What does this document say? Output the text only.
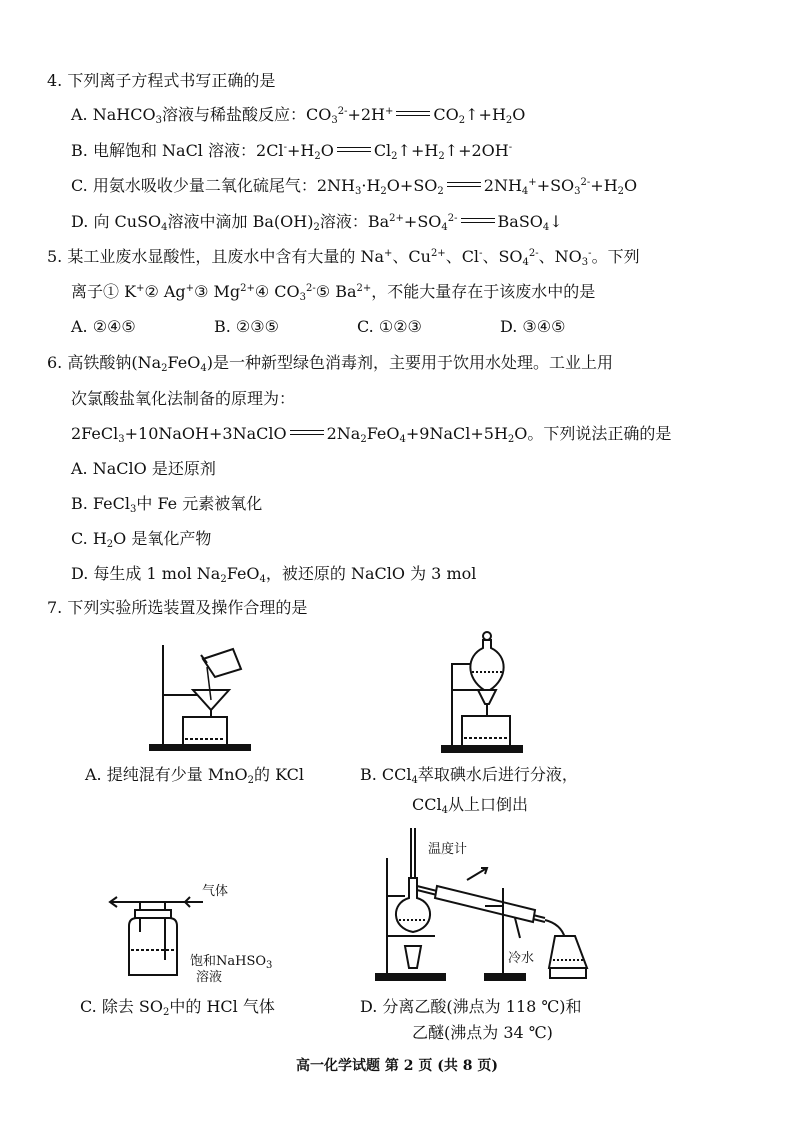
4. 下列离子方程式书写正确的是
A. NaHCO$_3$溶液与稀盐酸反应：$CO_3^{2-}+2H^+$	$CO_2↑+H_2O$
B. 电解饱和 NaCl 溶液：$2Cl^-+H_2O$	$Cl_2↑+H_2↑+2OH^-$
C. 用氨水吸收少量二氧化硫尾气：$2NH_3\cdot H_2O+SO_2$	$2NH_4^++SO_3^{2-}+H_2O$
D. 向 CuSO$_4$溶液中滴加 $Ba(OH)_2$溶液：$Ba^{2+}+SO_4^{2-}$	BaSO$_4$↓
5. 某工业废水显酸性，且废水中含有大量的 Na+、$Cu^{2+}$、Cl-、$SO_4^{2-}$、$NO_3^-$。下列
离子① K+② Ag+③ $Mg^{2+}④$ $CO_3^{2-}⑤$ $Ba^{2+}$，不能大量存在于该废水中的是
A. ②④⑤	B. ②③⑤	C. ①②③	D. ③④⑤
6. 高铁酸钠$(Na_2FeO_4)$是一种新型绿色消毒剂，主要用于饮用水处理。工业上用
次氯酸盐氧化法制备的原理为：
2FeCl$_3$+10NaOH+3NaClO	$2Na_2FeO_4+9NaCl+5H_2O$。下列说法正确的是
A. NaClO 是还原剂
B. FeCl$_3$中 Fe 元素被氧化
C. $H_2O$ 是氧化产物
D. 每生成 1 mol $Na_2FeO_4$，被还原的 NaClO 为 3 mol
7. 下列实验所选装置及操作合理的是
A. 提纯混有少量 MnO$_2$的 KCl	B. CCl$_4$萃取碘水后进行分液，
CCl$_4$从上口倒出
气体
饱和NaHSO$_3$
溶液
温度计
冷水
C. 除去 $SO_2$中的 HCl 气体	D. 分离乙酸(沸点为 118 ℃)和
乙醚(沸点为 34 ℃)
高一化学试题 第 2 页 (共 8 页)
